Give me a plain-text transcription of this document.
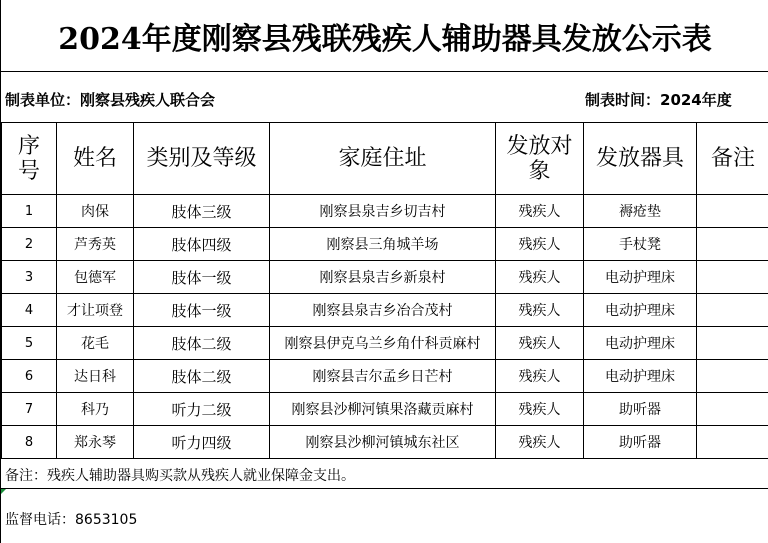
2024年度刚察县残联残疾人辅助器具发放公示表
制表单位：刚察县残疾人联合会	制表时间：2024年度
序号	姓名	类别及等级	家庭住址	发放对象	发放器具	备注
1	肉保	肢体三级	刚察县泉吉乡切吉村	残疾人	褥疮垫	
2	芦秀英	肢体四级	刚察县三角城羊场	残疾人	手杖凳	
3	包德军	肢体一级	刚察县泉吉乡新泉村	残疾人	电动护理床	
4	才让项登	肢体一级	刚察县泉吉乡冶合茂村	残疾人	电动护理床	
5	花毛	肢体二级	刚察县伊克乌兰乡角什科贡麻村	残疾人	电动护理床	
6	达日科	肢体二级	刚察县吉尔孟乡日芒村	残疾人	电动护理床	
7	科乃	听力二级	刚察县沙柳河镇果洛藏贡麻村	残疾人	助听器	
8	郑永琴	听力四级	刚察县沙柳河镇城东社区	残疾人	助听器	
备注：残疾人辅助器具购买款从残疾人就业保障金支出。
监督电话：8653105
